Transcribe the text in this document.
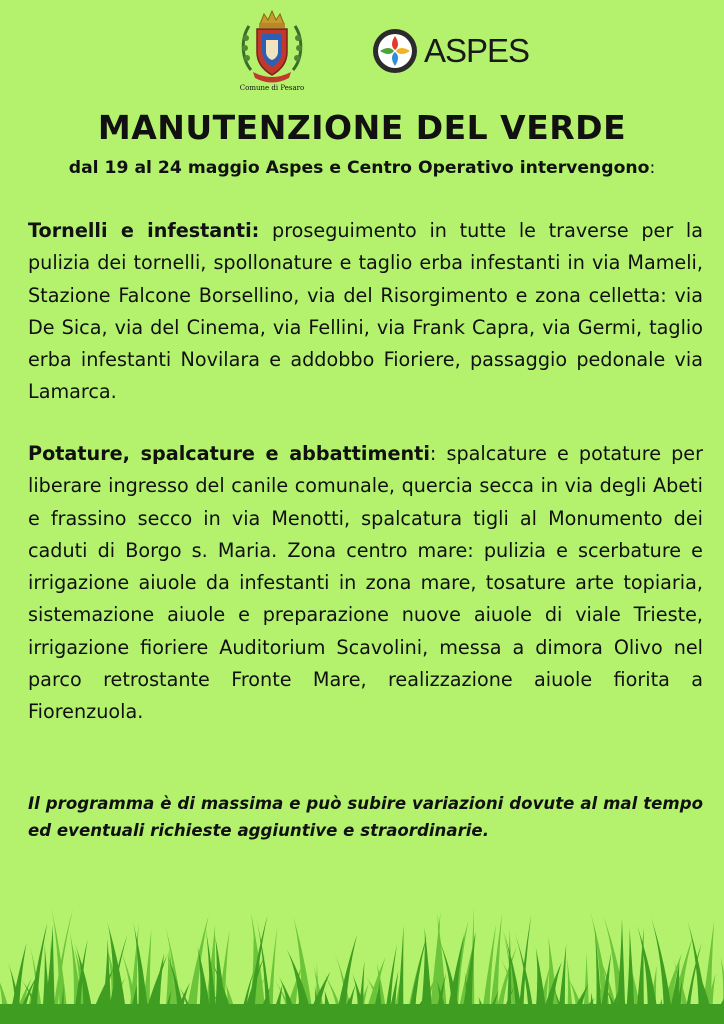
Comune di Pesaro
ASPES
MANUTENZIONE DEL VERDE

dal 19 al 24 maggio Aspes e Centro Operativo intervengono:

Tornelli e infestanti: proseguimento in tutte le traverse per la pulizia dei tornelli, spollonature e taglio erba infestanti in via Mameli, Stazione Falcone Borsellino, via del Risorgimento e zona celletta: via De Sica, via del Cinema, via Fellini, via Frank Capra, via Germi, taglio erba infestanti Novilara e addobbo Fioriere, passaggio pedonale via Lamarca.

Potature, spalcature e abbattimenti: spalcature e potature per liberare ingresso del canile comunale, quercia secca in via degli Abeti e frassino secco in via Menotti, spalcatura tigli al Monumento dei caduti di Borgo s. Maria. Zona centro mare: pulizia e scerbature e irrigazione aiuole da infestanti in zona mare, tosature arte topiaria, sistemazione aiuole e preparazione nuove aiuole di viale Trieste, irrigazione fioriere Auditorium Scavolini, messa a dimora Olivo nel parco retrostante Fronte Mare, realizzazione aiuole fiorita a Fiorenzuola.

Il programma è di massima e può subire variazioni dovute al mal tempo ed eventuali richieste aggiuntive e straordinarie.
